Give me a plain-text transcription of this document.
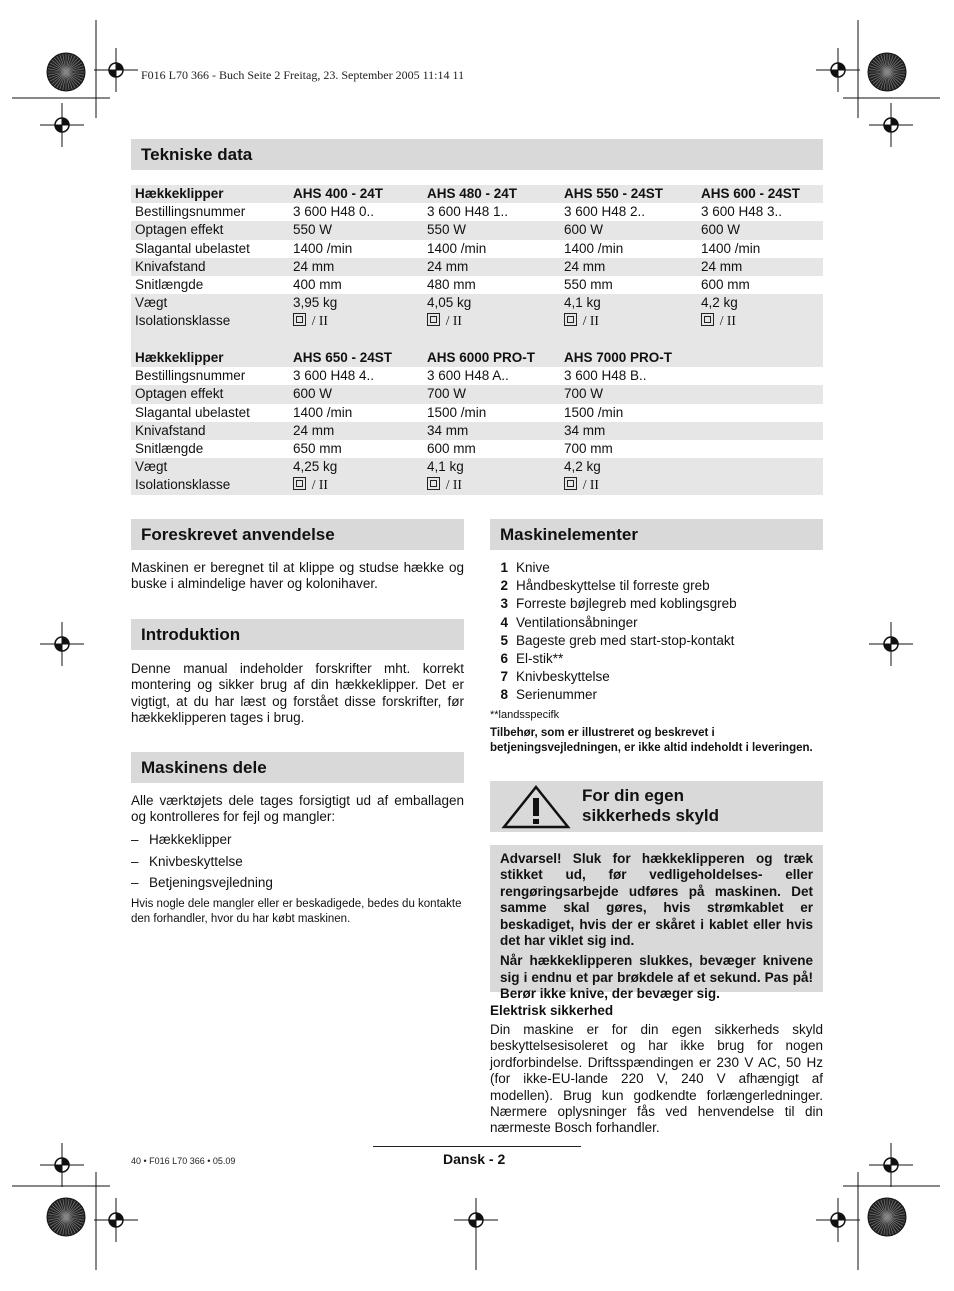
F016 L70 366 - Buch Seite 2 Freitag, 23. September 2005 11:14 11
Tekniske data
Hækkeklipper	AHS 400 - 24T	AHS 480 - 24T	AHS 550 - 24ST	AHS 600 - 24ST
Bestillingsnummer	3 600 H48 0..	3 600 H48 1..	3 600 H48 2..	3 600 H48 3..
Optagen effekt	550 W	550 W	600 W	600 W
Slagantal ubelastet	1400 /min	1400 /min	1400 /min	1400 /min
Knivafstand	24 mm	24 mm	24 mm	24 mm
Snitlængde	400 mm	480 mm	550 mm	600 mm
Vægt	3,95 kg	4,05 kg	4,1 kg	4,2 kg
Isolationsklasse	/ II	/ II	/ II	/ II
Hækkeklipper	AHS 650 - 24ST	AHS 6000 PRO-T	AHS 7000 PRO-T	
Bestillingsnummer	3 600 H48 4..	3 600 H48 A..	3 600 H48 B..	
Optagen effekt	600 W	700 W	700 W	
Slagantal ubelastet	1400 /min	1500 /min	1500 /min	
Knivafstand	24 mm	34 mm	34 mm	
Snitlængde	650 mm	600 mm	700 mm	
Vægt	4,25 kg	4,1 kg	4,2 kg	
Isolationsklasse	/ II	/ II	/ II	
Foreskrevet anvendelse
Maskinen er beregnet til at klippe og studse hække og buske i almindelige haver og kolonihaver.
Introduktion
Denne manual indeholder forskrifter mht. korrekt montering og sikker brug af din hækkeklipper. Det er vigtigt, at du har læst og forstået disse forskrifter, før hækkeklipperen tages i brug.
Maskinens dele
Alle værktøjets dele tages forsigtigt ud af emballagen og kontrolleres for fejl og mangler:
– Hækkeklipper
– Knivbeskyttelse
– Betjeningsvejledning
Hvis nogle dele mangler eller er beskadigede, bedes du kontakte den forhandler, hvor du har købt maskinen.
Maskinelementer
1 Knive
2 Håndbeskyttelse til forreste greb
3 Forreste bøjlegreb med koblingsgreb
4 Ventilationsåbninger
5 Bageste greb med start-stop-kontakt
6 El-stik**
7 Knivbeskyttelse
8 Serienummer
**landsspecifk
Tilbehør, som er illustreret og beskrevet i betjeningsvejledningen, er ikke altid indeholdt i leveringen.
For din egen
sikkerheds skyld
Advarsel! Sluk for hækkeklipperen og træk stikket ud, før vedligeholdelses- eller rengøringsarbejde udføres på maskinen. Det samme skal gøres, hvis strømkablet er beskadiget, hvis der er skåret i kablet eller hvis det har viklet sig ind.
Når hækkeklipperen slukkes, bevæger knivene sig i endnu et par brøkdele af et sekund. Pas på! Berør ikke knive, der bevæger sig.
Elektrisk sikkerhed
Din maskine er for din egen sikkerheds skyld beskyttelsesisoleret og har ikke brug for nogen jordforbindelse. Driftsspændingen er 230 V AC, 50 Hz (for ikke-EU-lande 220 V, 240 V afhængigt af modellen). Brug kun godkendte forlængerledninger. Nærmere oplysninger fås ved henvendelse til din nærmeste Bosch forhandler.
40 • F016 L70 366 • 05.09	Dansk - 2
